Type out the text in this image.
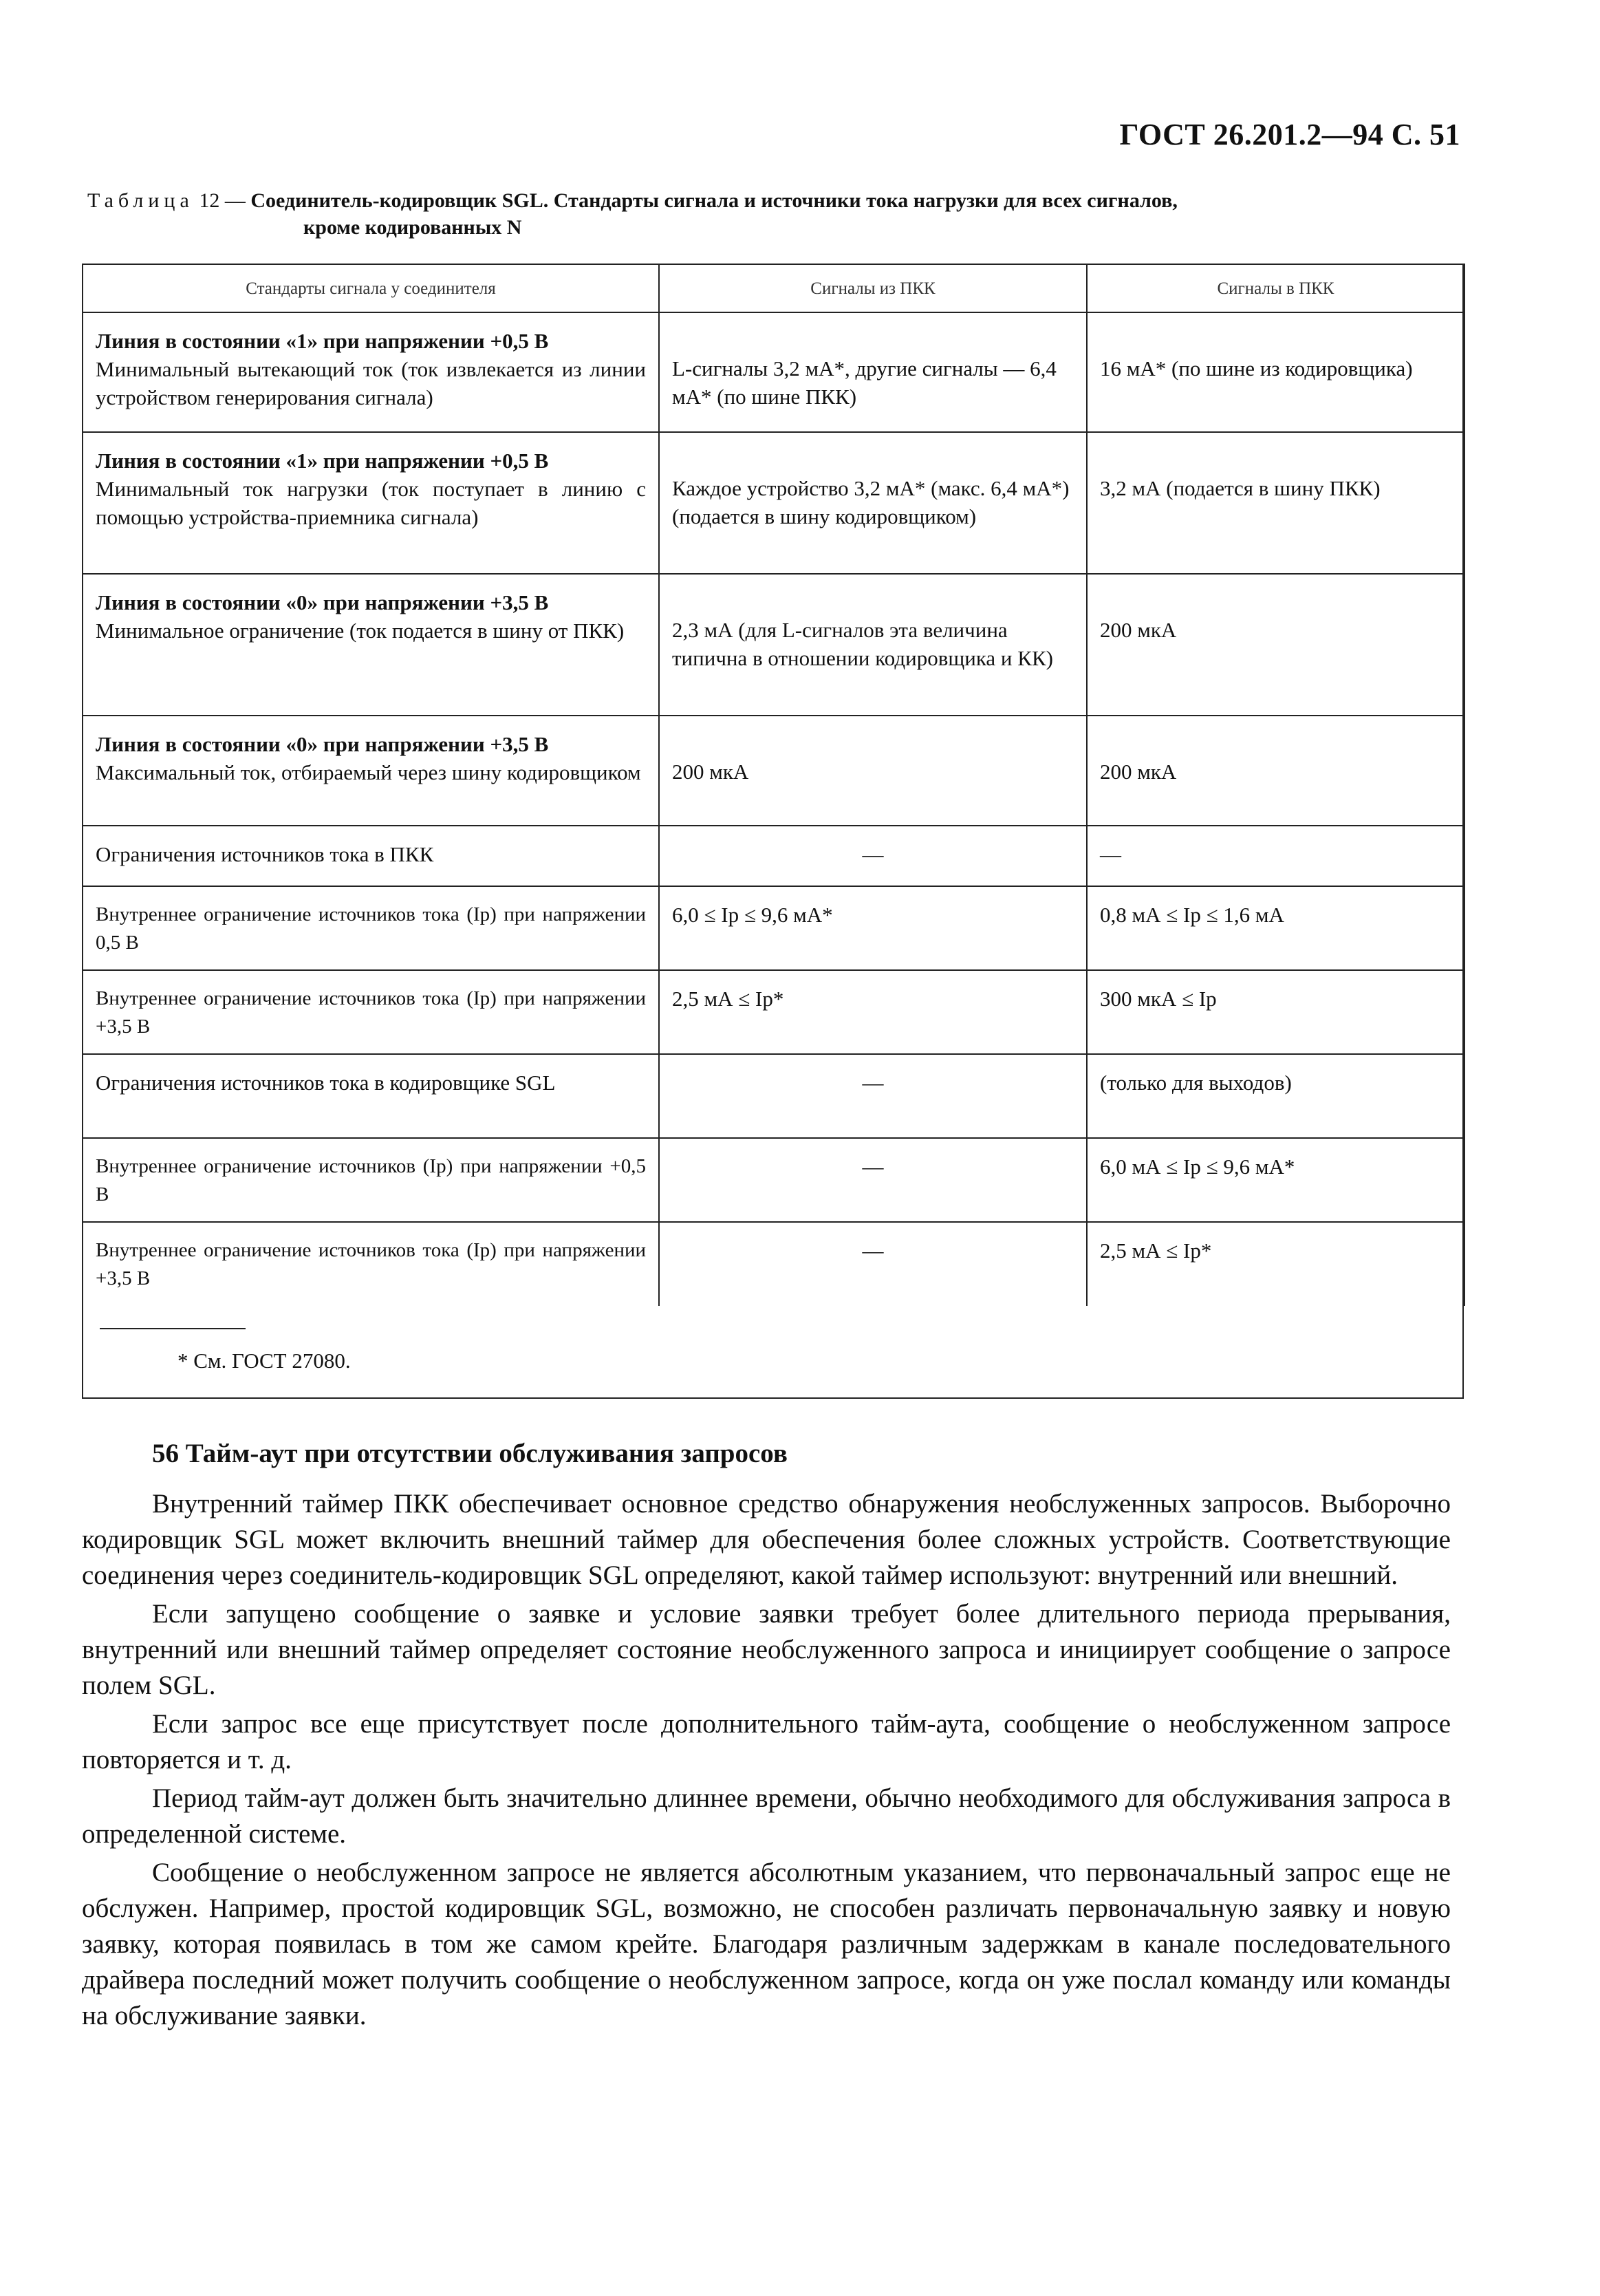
ГОСТ 26.201.2—94 С. 51
Таблица 12 — Соединитель-кодировщик SGL. Стандарты сигнала и источники тока нагрузки для всех сигналов,
кроме кодированных N
Стандарты сигнала у соединителя	Сигналы из ПКК	Сигналы в ПКК

Линия в состоянии «1» при напряжении +0,5 В
Минимальный вытекающий ток (ток извлекается из линии устройством генерирования сигнала)	L-сигналы 3,2 мА*, другие сигналы — 6,4 мА* (по шине ПКК)	16 мА* (по шине из кодировщика)

Линия в состоянии «1» при напряжении +0,5 В
Минимальный ток нагрузки (ток поступает в линию с помощью устройства-приемника сигнала)	Каждое устройство 3,2 мА* (макс. 6,4 мА*) (подается в шину кодировщиком)	3,2 мА (подается в шину ПКК)

Линия в состоянии «0» при напряжении +3,5 В
Минимальное ограничение (ток подается в шину от ПКК)	2,3 мА (для L-сигналов эта величина типична в отношении кодировщика и КК)	200 мкА

Линия в состоянии «0» при напряжении +3,5 В
Максимальный ток, отбираемый через шину кодировщиком	200 мкА	200 мкА
Ограничения источников тока в ПКК	—	—
Внутреннее ограничение источников тока (Ip) при напряжении 0,5 В	6,0 ≤ Ip ≤ 9,6 мА*	0,8 мА ≤ Ip ≤ 1,6 мА
Внутреннее ограничение источников тока (Ip) при напряжении +3,5 В	2,5 мА ≤ Ip*	300 мкА ≤ Ip
Ограничения источников тока в кодировщике SGL	—	(только для выходов)
Внутреннее ограничение источников (Ip) при напряжении +0,5 В	—	6,0 мА ≤ Ip ≤ 9,6 мА*
Внутреннее ограничение источников тока (Ip) при напряжении +3,5 В	—	2,5 мА ≤ Ip*
* См. ГОСТ 27080.
56 Тайм-аут при отсутствии обслуживания запросов

Внутренний таймер ПКК обеспечивает основное средство обнаружения необслуженных запросов. Выборочно кодировщик SGL может включить внешний таймер для обеспечения более сложных устройств. Соответствующие соединения через соединитель-кодировщик SGL определяют, какой таймер используют: внутренний или внешний.

Если запущено сообщение о заявке и условие заявки требует более длительного периода прерывания, внутренний или внешний таймер определяет состояние необслуженного запроса и инициирует сообщение о запросе полем SGL.

Если запрос все еще присутствует после дополнительного тайм-аута, сообщение о необслуженном запросе повторяется и т. д.

Период тайм-аут должен быть значительно длиннее времени, обычно необходимого для обслуживания запроса в определенной системе.

Сообщение о необслуженном запросе не является абсолютным указанием, что первоначальный запрос еще не обслужен. Например, простой кодировщик SGL, возможно, не способен различать первоначальную заявку и новую заявку, которая появилась в том же самом крейте. Благодаря различным задержкам в канале последовательного драйвера последний может получить сообщение о необслуженном запросе, когда он уже послал команду или команды на обслуживание заявки.
